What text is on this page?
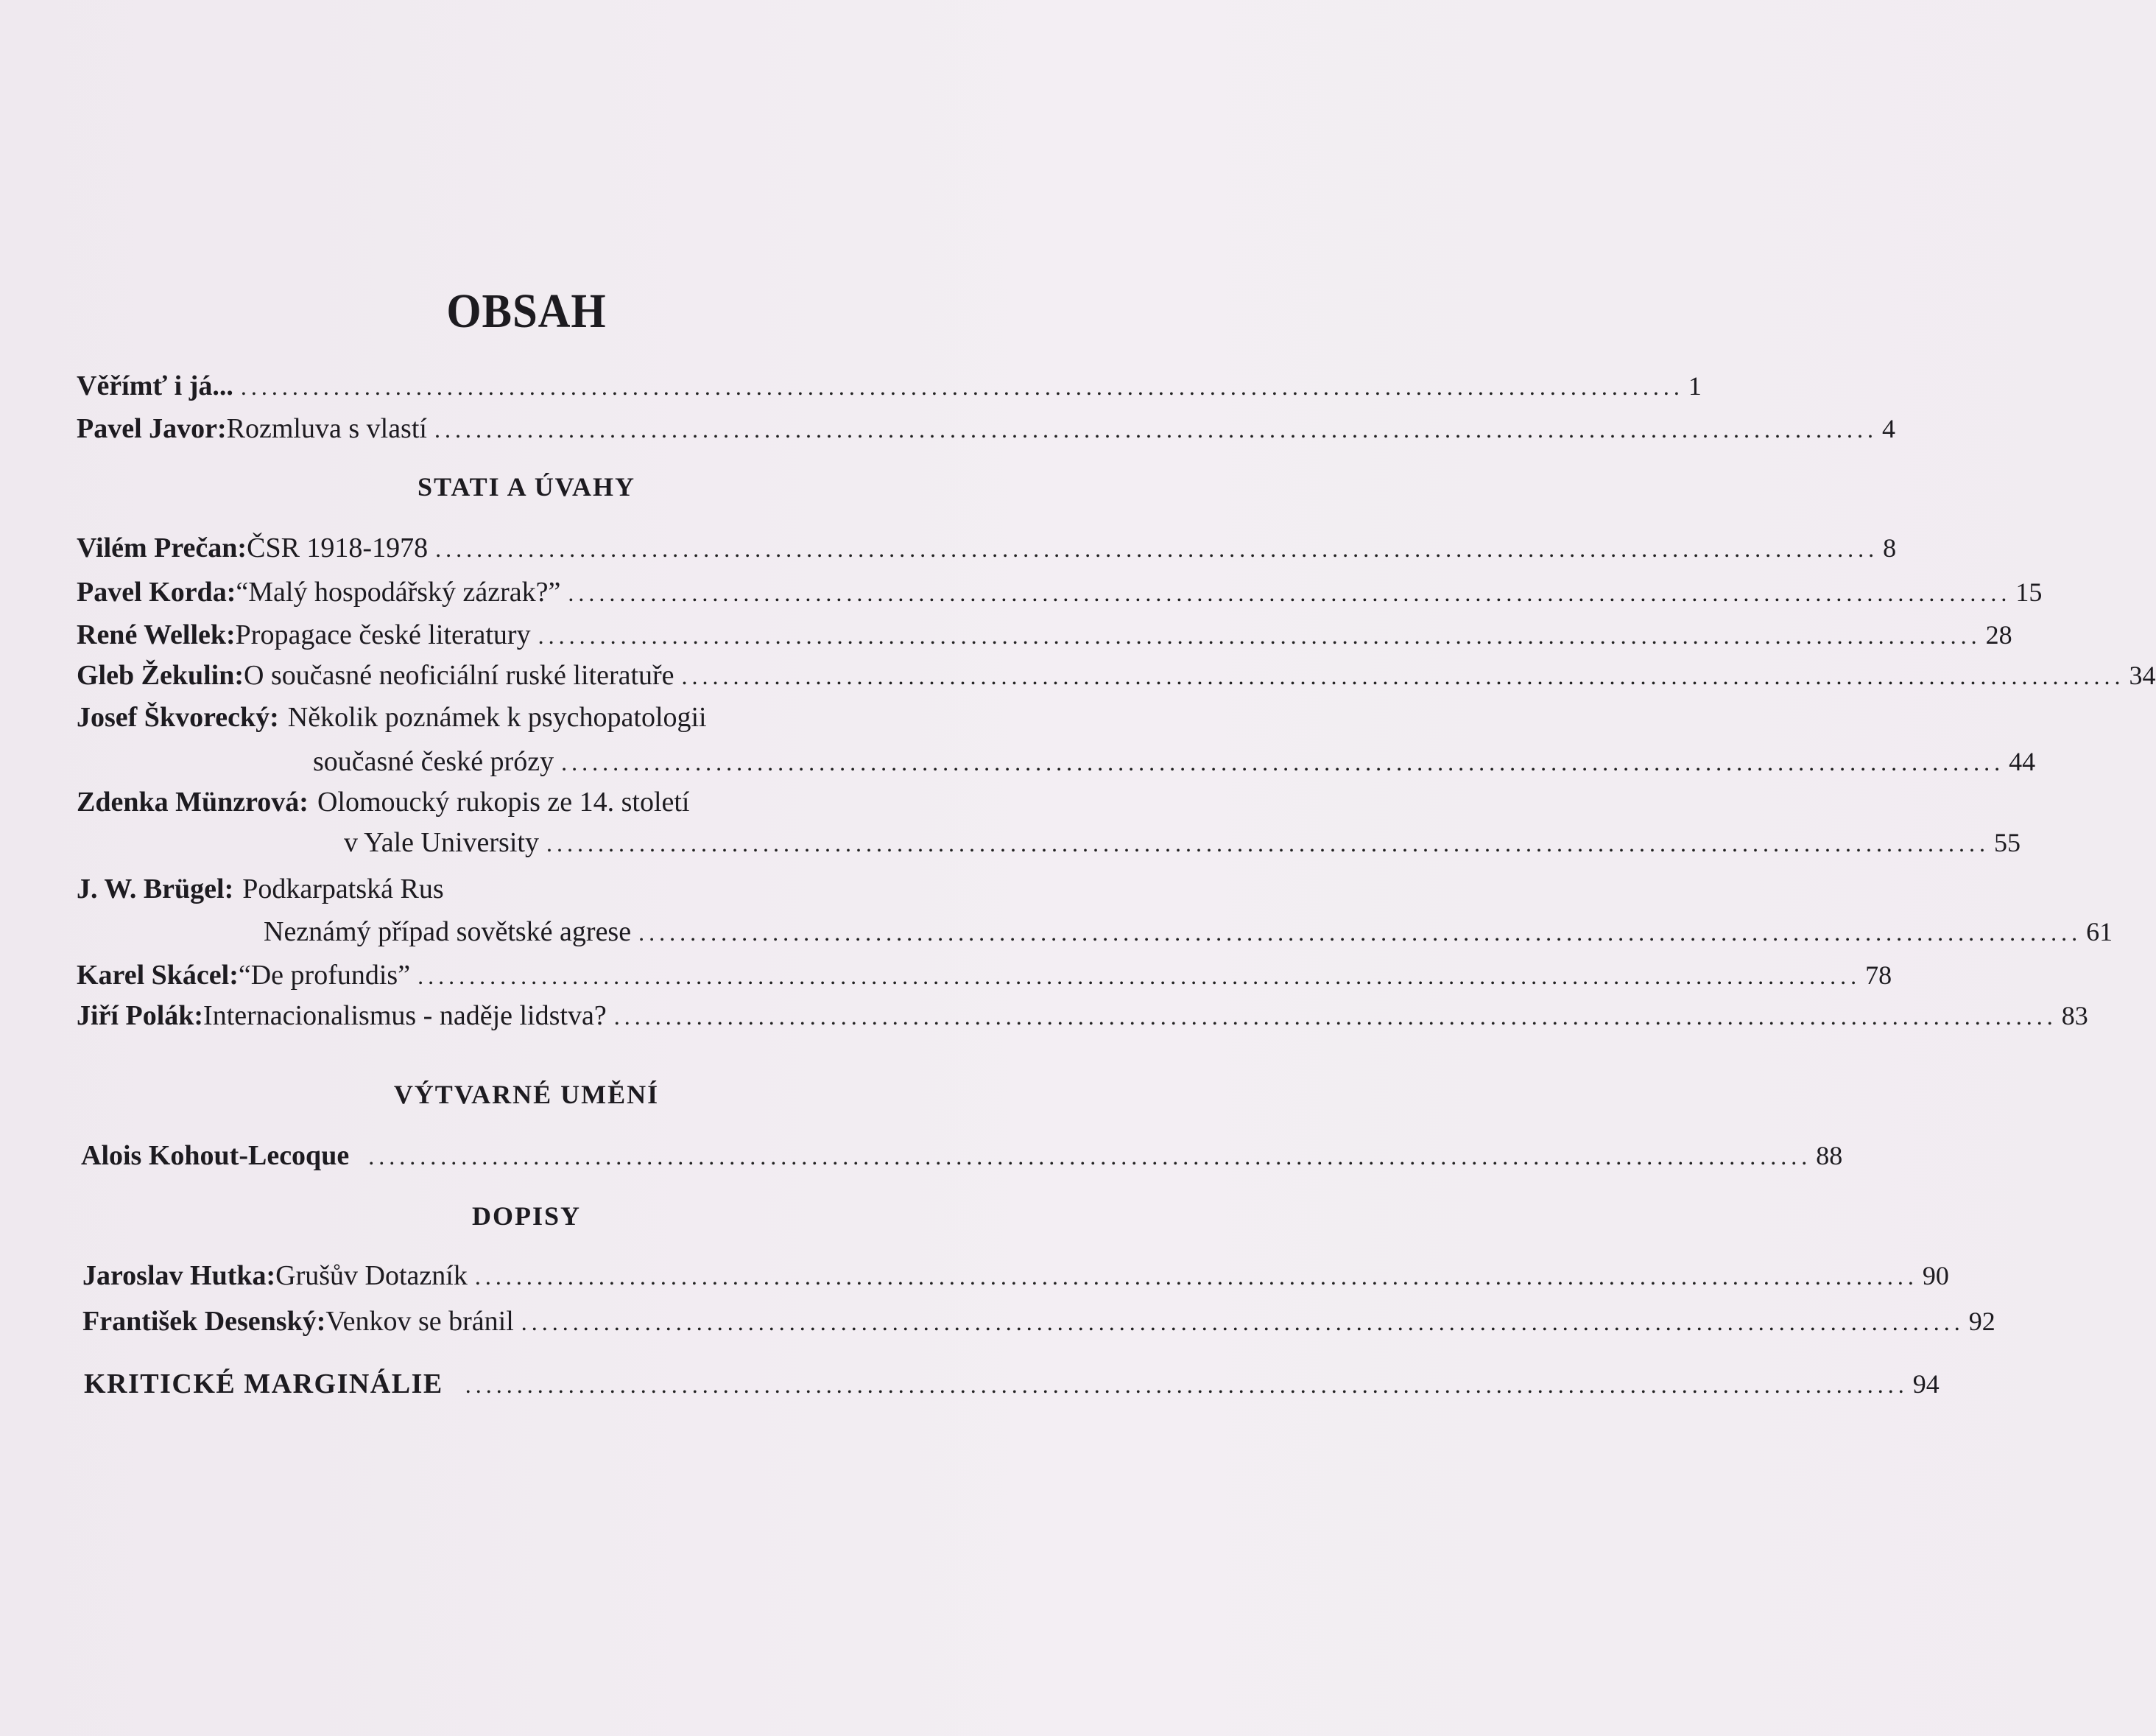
OBSAH
Věřímť i já... ............................................................................................................................................ 1
Pavel Javor: Rozmluva s vlastí ............................................................................................................................................ 4
STATI A ÚVAHY
Vilém Prečan: ČSR 1918-1978 ............................................................................................................................................ 8
Pavel Korda: “Malý hospodářský zázrak?” ............................................................................................................................................ 15
René Wellek: Propagace české literatury ............................................................................................................................................ 28
Gleb Žekulin: O současné neoficiální ruské literatuře ............................................................................................................................................ 34
Josef Škvorecký: Několik poznámek k psychopatologii
současné české prózy ............................................................................................................................................ 44
Zdenka Münzrová: Olomoucký rukopis ze 14. století
v Yale University ............................................................................................................................................ 55
J. W. Brügel: Podkarpatská Rus
Neznámý případ sovětské agrese ............................................................................................................................................ 61
Karel Skácel: “De profundis” ............................................................................................................................................ 78
Jiří Polák: Internacionalismus - naděje lidstva? ............................................................................................................................................ 83
VÝTVARNÉ UMĚNÍ
Alois Kohout-Lecoque ............................................................................................................................................ 88
DOPISY
Jaroslav Hutka: Grušův Dotazník ............................................................................................................................................ 90
František Desenský: Venkov se bránil ............................................................................................................................................ 92
KRITICKÉ MARGINÁLIE ............................................................................................................................................ 94
